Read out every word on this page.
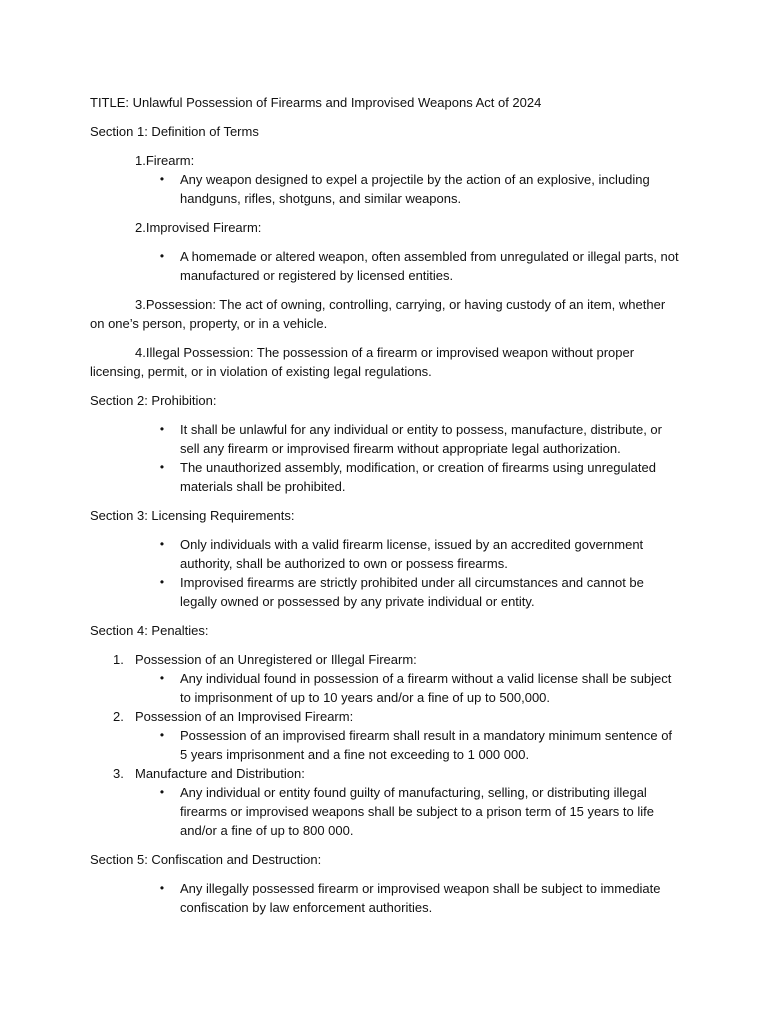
TITLE: Unlawful Possession of Firearms and Improvised Weapons Act of 2024

Section 1: Definition of Terms

1.Firearm:

• Any weapon designed to expel a projectile by the action of an explosive, including handguns, rifles, shotguns, and similar weapons.

2.Improvised Firearm:

• A homemade or altered weapon, often assembled from unregulated or illegal parts, not manufactured or registered by licensed entities.

3.Possession: The act of owning, controlling, carrying, or having custody of an item, whether on one’s person, property, or in a vehicle.

4.Illegal Possession: The possession of a firearm or improvised weapon without proper licensing, permit, or in violation of existing legal regulations.

Section 2: Prohibition:

• It shall be unlawful for any individual or entity to possess, manufacture, distribute, or sell any firearm or improvised firearm without appropriate legal authorization.
• The unauthorized assembly, modification, or creation of firearms using unregulated materials shall be prohibited.

Section 3: Licensing Requirements:

• Only individuals with a valid firearm license, issued by an accredited government authority, shall be authorized to own or possess firearms.
• Improvised firearms are strictly prohibited under all circumstances and cannot be legally owned or possessed by any private individual or entity.

Section 4: Penalties:

1. Possession of an Unregistered or Illegal Firearm:
• Any individual found in possession of a firearm without a valid license shall be subject to imprisonment of up to 10 years and/or a fine of up to 500,000.
2. Possession of an Improvised Firearm:
• Possession of an improvised firearm shall result in a mandatory minimum sentence of 5 years imprisonment and a fine not exceeding to 1 000 000.
3. Manufacture and Distribution:
• Any individual or entity found guilty of manufacturing, selling, or distributing illegal firearms or improvised weapons shall be subject to a prison term of 15 years to life and/or a fine of up to 800 000.

Section 5: Confiscation and Destruction:

• Any illegally possessed firearm or improvised weapon shall be subject to immediate confiscation by law enforcement authorities.
